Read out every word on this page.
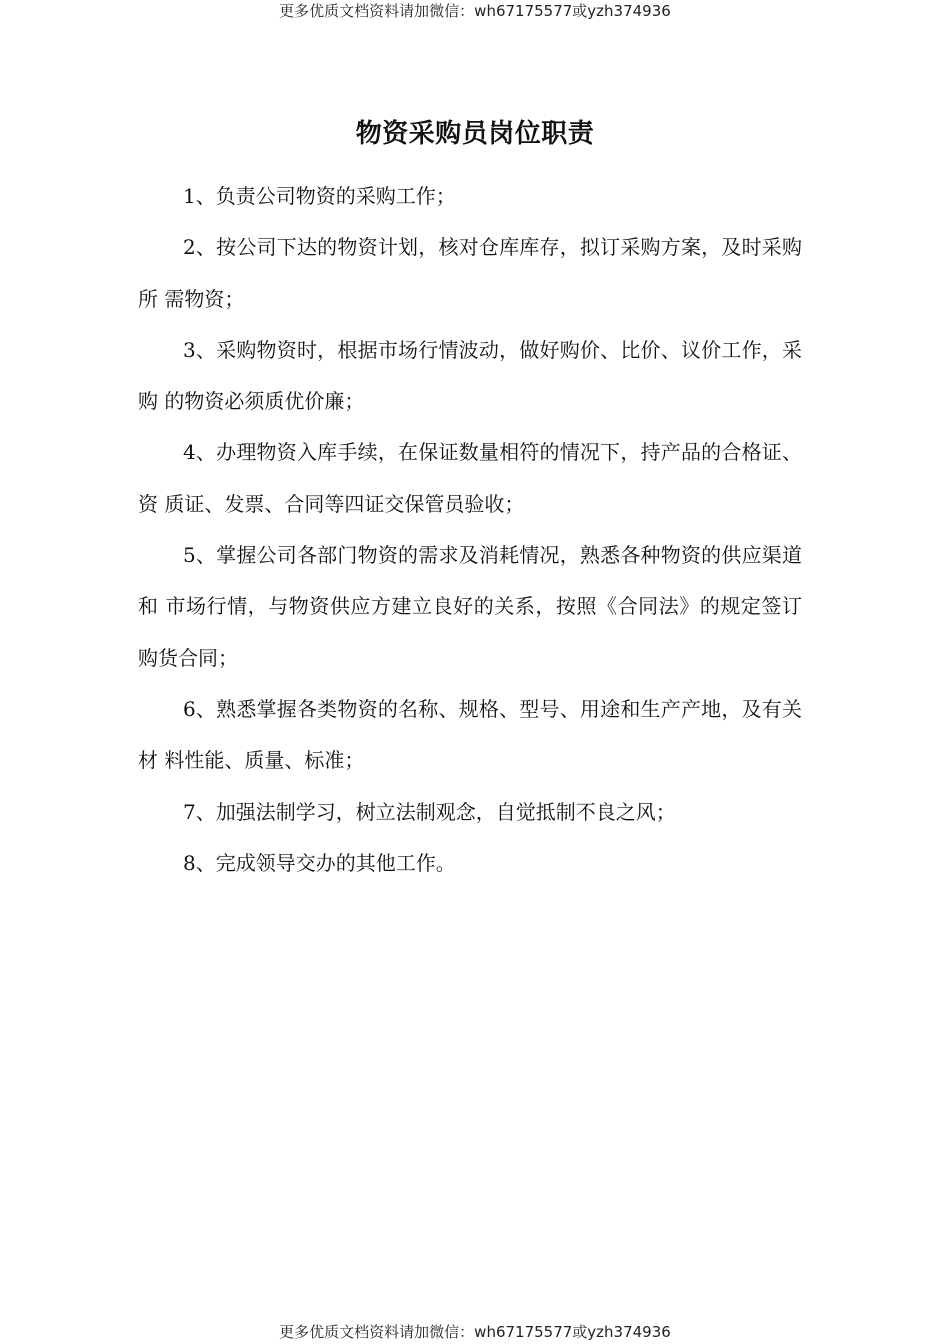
更多优质文档资料请加微信：wh67175577或yzh374936
物资采购员岗位职责

1、负责公司物资的采购工作；

2、按公司下达的物资计划，核对仓库库存，拟订采购方案，及时采购所 需物资；

3、采购物资时，根据市场行情波动，做好购价、比价、议价工作，采购 的物资必须质优价廉；

4、办理物资入库手续，在保证数量相符的情况下，持产品的合格证、资 质证、发票、合同等四证交保管员验收；

5、掌握公司各部门物资的需求及消耗情况，熟悉各种物资的供应渠道和 市场行情，与物资供应方建立良好的关系，按照《合同法》的规定签订购货合同；

6、熟悉掌握各类物资的名称、规格、型号、用途和生产产地，及有关材 料性能、质量、标准；

7、加强法制学习，树立法制观念，自觉抵制不良之风；

8、完成领导交办的其他工作。

更多优质文档资料请加微信：wh67175577或yzh374936
